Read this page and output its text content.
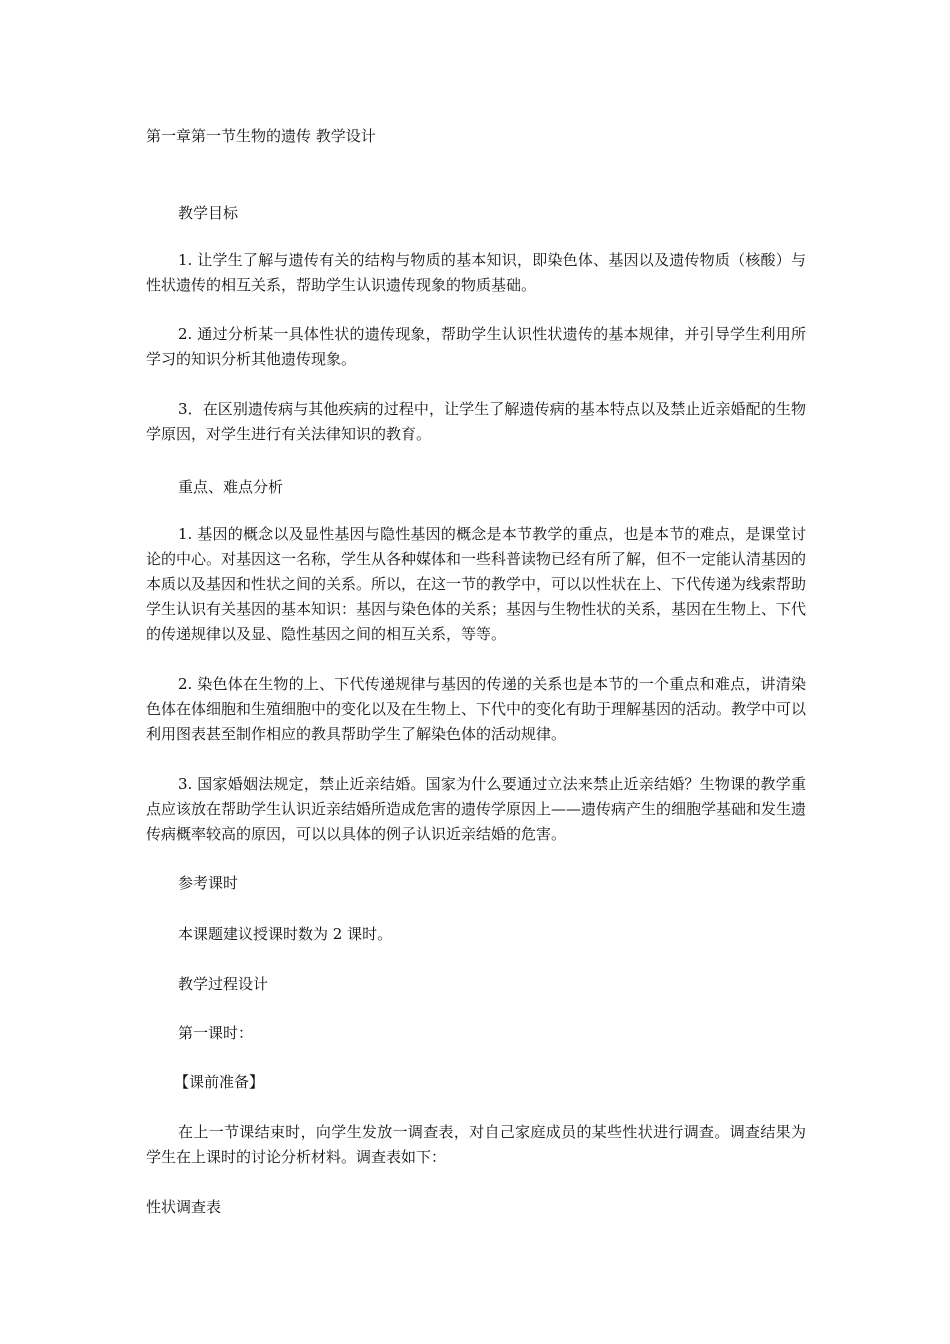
第一章第一节生物的遗传 教学设计
教学目标
1. 让学生了解与遗传有关的结构与物质的基本知识，即染色体、基因以及遗传物质（核酸）与性状遗传的相互关系，帮助学生认识遗传现象的物质基础。
2. 通过分析某一具体性状的遗传现象，帮助学生认识性状遗传的基本规律，并引导学生利用所学习的知识分析其他遗传现象。
3．在区别遗传病与其他疾病的过程中，让学生了解遗传病的基本特点以及禁止近亲婚配的生物学原因，对学生进行有关法律知识的教育。
重点、难点分析
1. 基因的概念以及显性基因与隐性基因的概念是本节教学的重点，也是本节的难点，是课堂讨论的中心。对基因这一名称，学生从各种媒体和一些科普读物已经有所了解，但不一定能认清基因的本质以及基因和性状之间的关系。所以，在这一节的教学中，可以以性状在上、下代传递为线索帮助学生认识有关基因的基本知识：基因与染色体的关系；基因与生物性状的关系，基因在生物上、下代的传递规律以及显、隐性基因之间的相互关系，等等。
2. 染色体在生物的上、下代传递规律与基因的传递的关系也是本节的一个重点和难点，讲清染色体在体细胞和生殖细胞中的变化以及在生物上、下代中的变化有助于理解基因的活动。教学中可以利用图表甚至制作相应的教具帮助学生了解染色体的活动规律。
3. 国家婚姻法规定，禁止近亲结婚。国家为什么要通过立法来禁止近亲结婚？生物课的教学重点应该放在帮助学生认识近亲结婚所造成危害的遗传学原因上——遗传病产生的细胞学基础和发生遗传病概率较高的原因，可以以具体的例子认识近亲结婚的危害。
参考课时
本课题建议授课时数为 2 课时。
教学过程设计
第一课时：
【课前准备】
在上一节课结束时，向学生发放一调查表，对自己家庭成员的某些性状进行调查。调查结果为学生在上课时的讨论分析材料。调查表如下：
性状调查表
